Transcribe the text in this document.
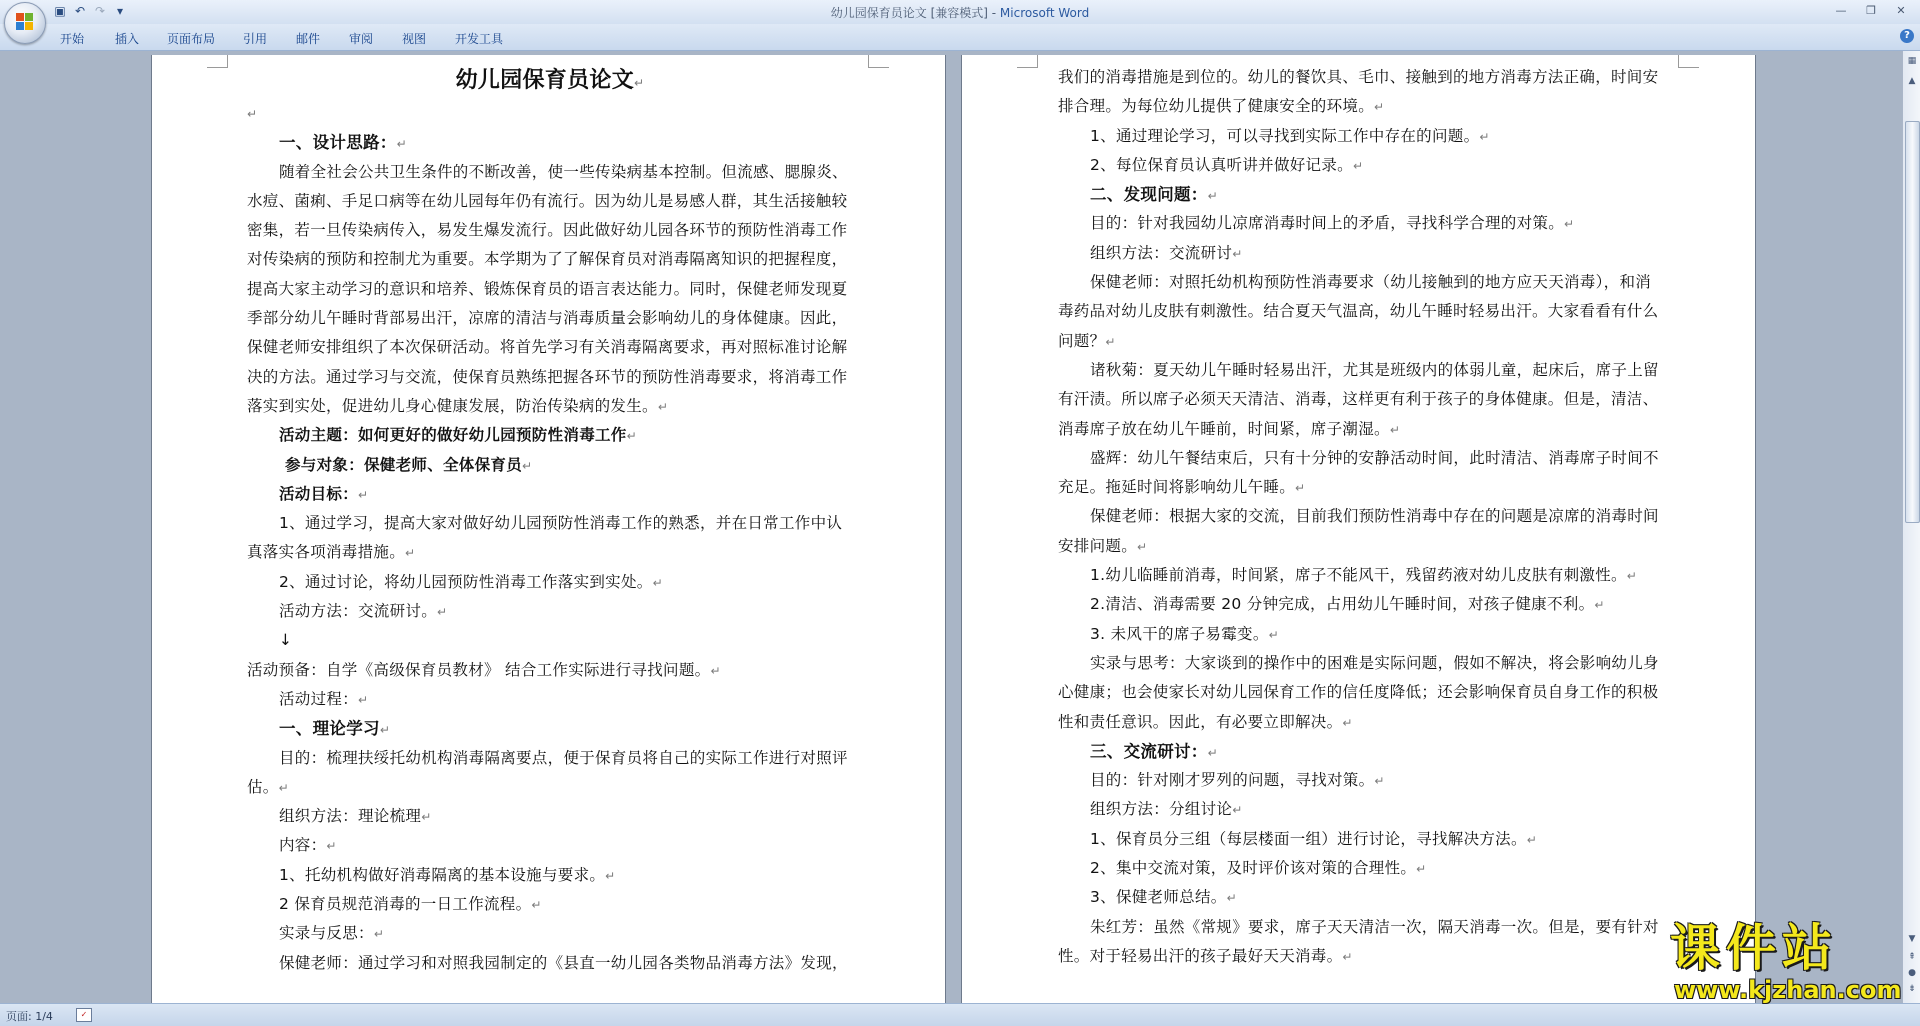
▣ ↶ ↷ ▾	幼儿园保育员论文 [兼容模式] - Microsoft Word	—	❐	✕
开始	插入 页面布局 引用 邮件 审阅 视图 开发工具	?
幼儿园保育员论文 ↵
↵
一、设计思路： ↵
随着全社会公共卫生条件的不断改善，使一些传染病基本控制。但流感、腮腺炎、
水痘、菌痢、手足口病等在幼儿园每年仍有流行。因为幼儿是易感人群，其生活接触较
密集，若一旦传染病传入，易发生爆发流行。因此做好幼儿园各环节的预防性消毒工作
对传染病的预防和控制尤为重要。本学期为了了解保育员对消毒隔离知识的把握程度，
提高大家主动学习的意识和培养、锻炼保育员的语言表达能力。同时，保健老师发现夏
季部分幼儿午睡时背部易出汗，凉席的清洁与消毒质量会影响幼儿的身体健康。因此，
保健老师安排组织了本次保研活动。将首先学习有关消毒隔离要求，再对照标准讨论解
决的方法。通过学习与交流，使保育员熟练把握各环节的预防性消毒要求，将消毒工作
落实到实处，促进幼儿身心健康发展，防治传染病的发生。 ↵
活动主题：如何更好的做好幼儿园预防性消毒工作 ↵
参与对象：保健老师、全体保育员 ↵
活动目标： ↵
1、通过学习，提高大家对做好幼儿园预防性消毒工作的熟悉，并在日常工作中认
真落实各项消毒措施。 ↵
2、通过讨论，将幼儿园预防性消毒工作落实到实处。 ↵
活动方法：交流研讨。 ↵
↓
活动预备：自学《高级保育员教材》 结合工作实际进行寻找问题。 ↵
活动过程： ↵
一、理论学习 ↵
目的：梳理扶绥托幼机构消毒隔离要点，便于保育员将自己的实际工作进行对照评
估。 ↵
组织方法：理论梳理 ↵
内容： ↵
1、托幼机构做好消毒隔离的基本设施与要求。 ↵
2 保育员规范消毒的一日工作流程。 ↵
实录与反思： ↵
保健老师：通过学习和对照我园制定的《县直一幼儿园各类物品消毒方法》发现，
我们的消毒措施是到位的。幼儿的餐饮具、毛巾、接触到的地方消毒方法正确，时间安
排合理。为每位幼儿提供了健康安全的环境。 ↵
1、通过理论学习，可以寻找到实际工作中存在的问题。 ↵
2、每位保育员认真听讲并做好记录。 ↵
二、发现问题： ↵
目的：针对我园幼儿凉席消毒时间上的矛盾，寻找科学合理的对策。 ↵
组织方法：交流研讨 ↵
保健老师：对照托幼机构预防性消毒要求（幼儿接触到的地方应天天消毒），和消
毒药品对幼儿皮肤有刺激性。结合夏天气温高，幼儿午睡时轻易出汗。大家看看有什么
问题？ ↵
诸秋菊：夏天幼儿午睡时轻易出汗，尤其是班级内的体弱儿童，起床后，席子上留
有汗渍。所以席子必须天天清洁、消毒，这样更有利于孩子的身体健康。但是，清洁、
消毒席子放在幼儿午睡前，时间紧，席子潮湿。 ↵
盛辉：幼儿午餐结束后，只有十分钟的安静活动时间，此时清洁、消毒席子时间不
充足。拖延时间将影响幼儿午睡。 ↵
保健老师：根据大家的交流，目前我们预防性消毒中存在的问题是凉席的消毒时间
安排问题。 ↵
1.幼儿临睡前消毒，时间紧，席子不能风干，残留药液对幼儿皮肤有刺激性。 ↵
2.清洁、消毒需要 20 分钟完成，占用幼儿午睡时间，对孩子健康不利。 ↵
3. 未风干的席子易霉变。 ↵
实录与思考：大家谈到的操作中的困难是实际问题，假如不解决，将会影响幼儿身
心健康；也会使家长对幼儿园保育工作的信任度降低；还会影响保育员自身工作的积极
性和责任意识。因此，有必要立即解决。 ↵
三、交流研讨： ↵
目的：针对刚才罗列的问题，寻找对策。 ↵
组织方法：分组讨论 ↵
1、保育员分三组（每层楼面一组）进行讨论，寻找解决方法。 ↵
2、集中交流对策，及时评价该对策的合理性。 ↵
3、保健老师总结。 ↵
朱红芳：虽然《常规》要求，席子天天清洁一次，隔天消毒一次。但是，要有针对
性。对于轻易出汗的孩子最好天天消毒。 ↵
▦
▲
▼
⇞
●
⇟
页面: 1/4	✓
课件站
www.kjzhan.com
